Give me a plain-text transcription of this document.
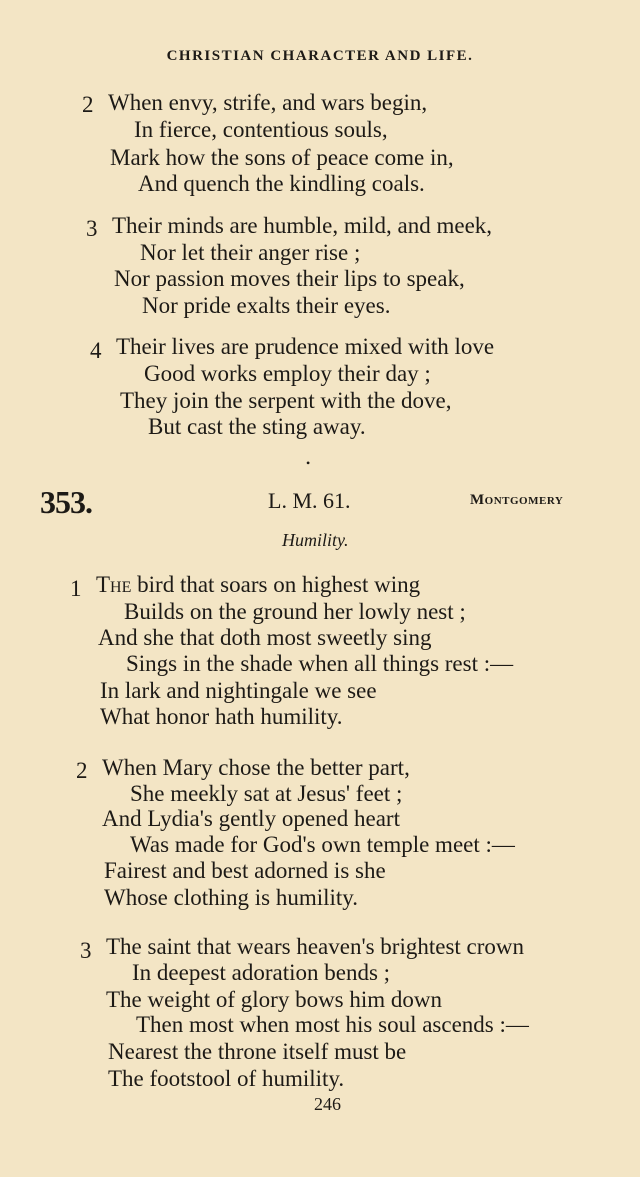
CHRISTIAN CHARACTER AND LIFE.
2 When envy, strife, and wars begin,
In fierce, contentious souls,
Mark how the sons of peace come in,
And quench the kindling coals.
3 Their minds are humble, mild, and meek,
Nor let their anger rise ;
Nor passion moves their lips to speak,
Nor pride exalts their eyes.
4 Their lives are prudence mixed with love
Good works employ their day ;
They join the serpent with the dove,
But cast the sting away.
•
353.	L. M. 61.	Montgomery
Humility.
1 The bird that soars on highest wing
Builds on the ground her lowly nest ;
And she that doth most sweetly sing
Sings in the shade when all things rest :—
In lark and nightingale we see
What honor hath humility.
2 When Mary chose the better part,
She meekly sat at Jesus' feet ;
And Lydia's gently opened heart
Was made for God's own temple meet :—
Fairest and best adorned is she
Whose clothing is humility.
3 The saint that wears heaven's brightest crown
In deepest adoration bends ;
The weight of glory bows him down
Then most when most his soul ascends :—
Nearest the throne itself must be
The footstool of humility.
246
